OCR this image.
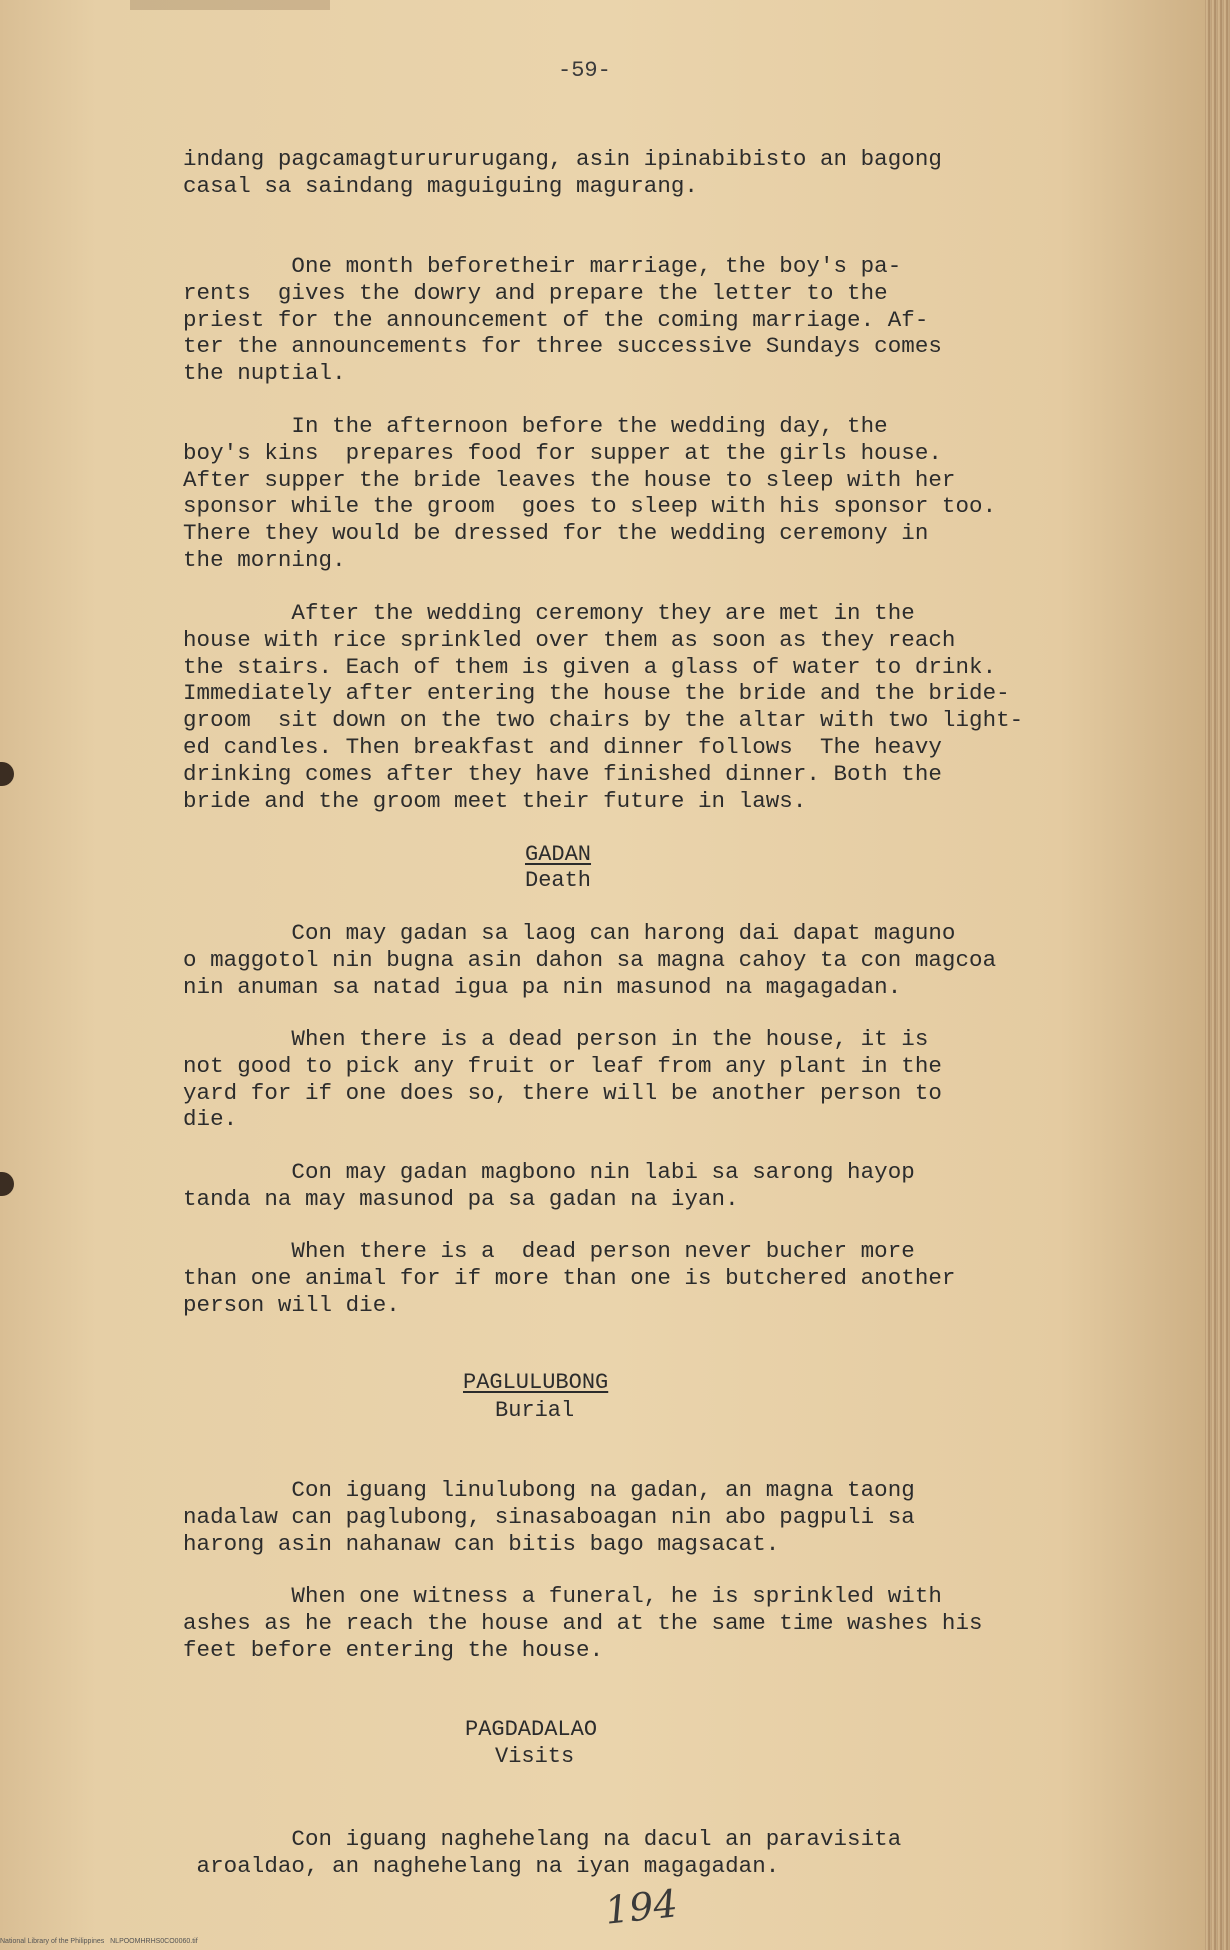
-59-

indang pagcamagturururugang, asin ipinabibisto an bagong
casal sa saindang maguiguing magurang.

One month beforetheir marriage, the boy's pa-
rents  gives the dowry and prepare the letter to the
priest for the announcement of the coming marriage. Af-
ter the announcements for three successive Sundays comes
the nuptial.

In the afternoon before the wedding day, the
boy's kins  prepares food for supper at the girls house.
After supper the bride leaves the house to sleep with her
sponsor while the groom  goes to sleep with his sponsor too.
There they would be dressed for the wedding ceremony in
the morning.

After the wedding ceremony they are met in the
house with rice sprinkled over them as soon as they reach
the stairs. Each of them is given a glass of water to drink.
Immediately after entering the house the bride and the bride-
groom  sit down on the two chairs by the altar with two light-
ed candles. Then breakfast and dinner follows  The heavy
drinking comes after they have finished dinner. Both the
bride and the groom meet their future in laws.

GADAN
Death

Con may gadan sa laog can harong dai dapat maguno
o maggotol nin bugna asin dahon sa magna cahoy ta con magcoa
nin anuman sa natad igua pa nin masunod na magagadan.

When there is a dead person in the house, it is
not good to pick any fruit or leaf from any plant in the
yard for if one does so, there will be another person to
die.

Con may gadan magbono nin labi sa sarong hayop
tanda na may masunod pa sa gadan na iyan.

When there is a  dead person never bucher more
than one animal for if more than one is butchered another
person will die.

PAGLULUBONG
Burial

Con iguang linulubong na gadan, an magna taong
nadalaw can paglubong, sinasaboagan nin abo pagpuli sa
harong asin nahanaw can bitis bago magsacat.

When one witness a funeral, he is sprinkled with
ashes as he reach the house and at the same time washes his
feet before entering the house.

PAGDADALAO
Visits

Con iguang naghehelang na dacul an paravisita
aroaldao, an naghehelang na iyan magagadan.

194
National Library of the Philippines   NLPOOMHRHS0CO0060.tif
